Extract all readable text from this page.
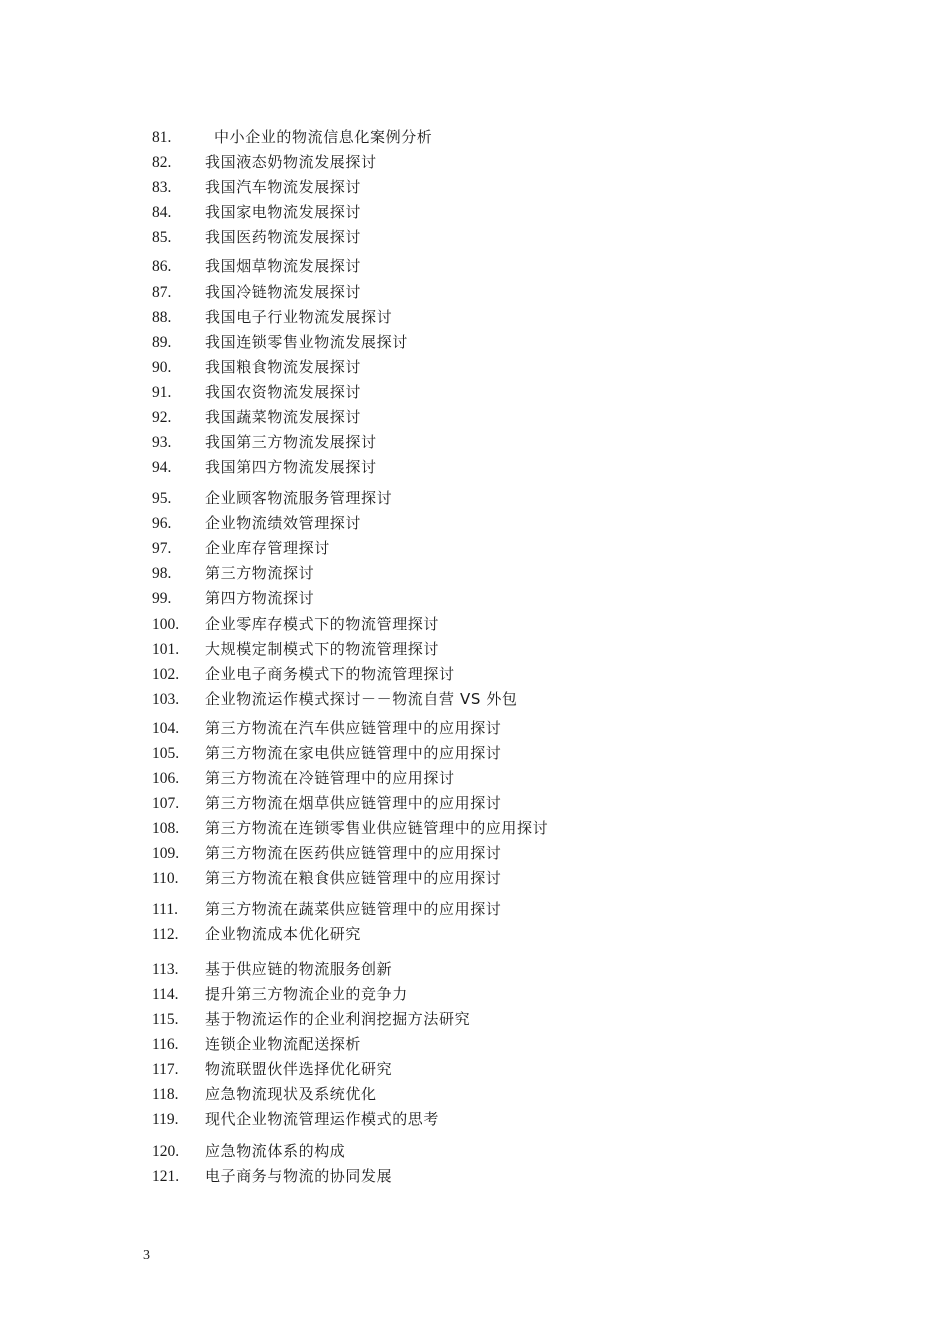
81.	中小企业的物流信息化案例分析
82. 我国液态奶物流发展探讨
83. 我国汽车物流发展探讨
84. 我国家电物流发展探讨
85. 我国医药物流发展探讨
86. 我国烟草物流发展探讨
87. 我国冷链物流发展探讨
88. 我国电子行业物流发展探讨
89. 我国连锁零售业物流发展探讨
90. 我国粮食物流发展探讨
91. 我国农资物流发展探讨
92. 我国蔬菜物流发展探讨
93. 我国第三方物流发展探讨
94. 我国第四方物流发展探讨
95. 企业顾客物流服务管理探讨
96. 企业物流绩效管理探讨
97. 企业库存管理探讨
98. 第三方物流探讨
99. 第四方物流探讨
100. 企业零库存模式下的物流管理探讨
101. 大规模定制模式下的物流管理探讨
102. 企业电子商务模式下的物流管理探讨
103. 企业物流运作模式探讨－－物流自营 VS 外包
104. 第三方物流在汽车供应链管理中的应用探讨
105. 第三方物流在家电供应链管理中的应用探讨
106. 第三方物流在冷链管理中的应用探讨
107. 第三方物流在烟草供应链管理中的应用探讨
108. 第三方物流在连锁零售业供应链管理中的应用探讨
109. 第三方物流在医药供应链管理中的应用探讨
110. 第三方物流在粮食供应链管理中的应用探讨
111. 第三方物流在蔬菜供应链管理中的应用探讨
112. 企业物流成本优化研究
113. 基于供应链的物流服务创新
114. 提升第三方物流企业的竞争力
115. 基于物流运作的企业利润挖掘方法研究
116. 连锁企业物流配送探析
117. 物流联盟伙伴选择优化研究
118. 应急物流现状及系统优化
119. 现代企业物流管理运作模式的思考
120. 应急物流体系的构成
121. 电子商务与物流的协同发展
3
